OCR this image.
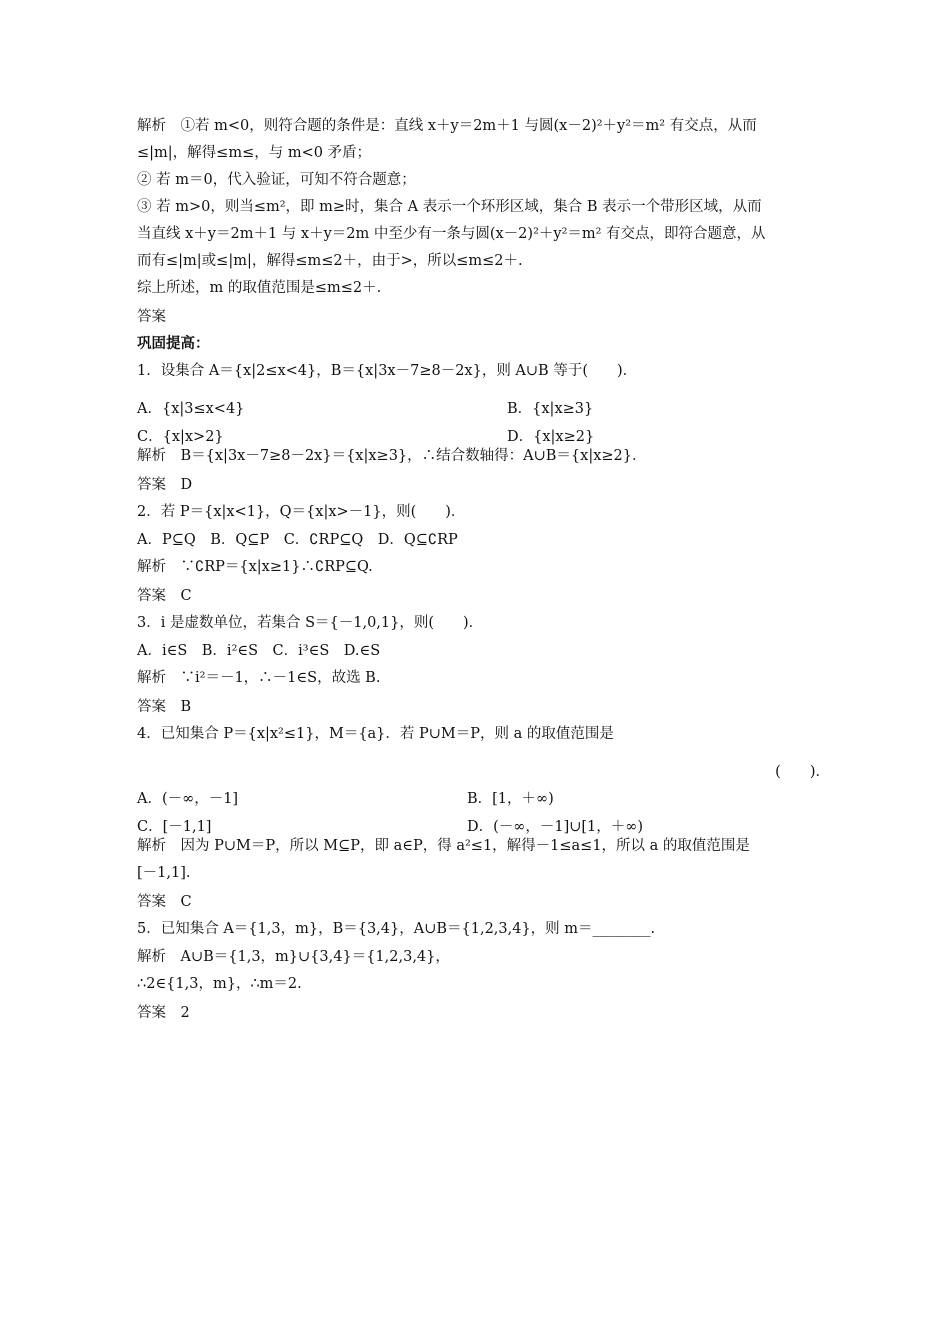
解析　①若 m<0，则符合题的条件是：直线 x＋y＝2m＋1 与圆(x－2)²＋y²＝m² 有交点，从而
≤|m|，解得≤m≤，与 m<0 矛盾；
② 若 m＝0，代入验证，可知不符合题意；
③ 若 m>0，则当≤m²，即 m≥时，集合 A 表示一个环形区域，集合 B 表示一个带形区域，从而
当直线 x＋y＝2m＋1 与 x＋y＝2m 中至少有一条与圆(x－2)²＋y²＝m² 有交点，即符合题意，从
而有≤|m|或≤|m|，解得≤m≤2＋，由于>，所以≤m≤2＋.
综上所述，m 的取值范围是≤m≤2＋.
答案
巩固提高：
1．设集合 A＝{x|2≤x<4}，B＝{x|3x－7≥8－2x}，则 A∪B 等于(　　)．
A．{x|3≤x<4}	B．{x|x≥3}
C．{x|x>2}	D．{x|x≥2}
解析　B＝{x|3x－7≥8－2x}＝{x|x≥3}，∴结合数轴得：A∪B＝{x|x≥2}．
答案　D
2．若 P＝{x|x<1}，Q＝{x|x>－1}，则(　　)．
A．P⊆Q　B．Q⊆P　C．∁RP⊆Q　D．Q⊆∁RP
解析　∵∁RP＝{x|x≥1}∴∁RP⊆Q.
答案　C
3．i 是虚数单位，若集合 S＝{－1,0,1}，则(　　)．
A．i∈S　B．i²∈S　C．i³∈S　D.∈S
解析　∵i²＝－1，∴－1∈S，故选 B.
答案　B
4．已知集合 P＝{x|x²≤1}，M＝{a}．若 P∪M＝P，则 a 的取值范围是
(　　)．
A．(－∞，－1]	B．[1，＋∞)
C．[－1,1]	D．(－∞，－1]∪[1，＋∞)
解析　因为 P∪M＝P，所以 M⊆P，即 a∈P，得 a²≤1，解得－1≤a≤1，所以 a 的取值范围是
[－1,1].
答案　C
5．已知集合 A＝{1,3，m}，B＝{3,4}，A∪B＝{1,2,3,4}，则 m＝________.
解析　A∪B＝{1,3，m}∪{3,4}＝{1,2,3,4}，
∴2∈{1,3，m}，∴m＝2.
答案　2
